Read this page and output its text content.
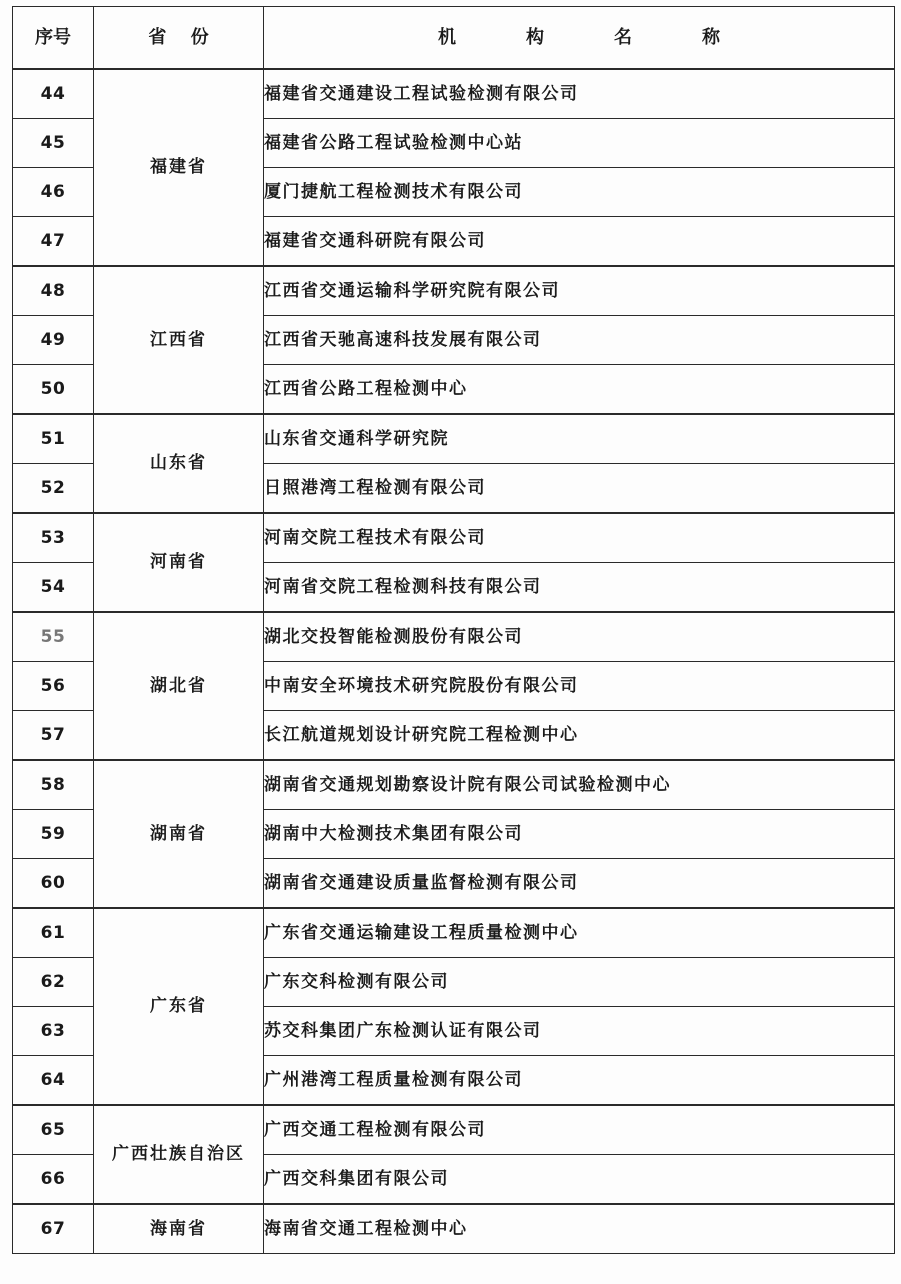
序号	省 份	机 构 名 称
44	福建省	福建省交通建设工程试验检测有限公司
45		福建省公路工程试验检测中心站
46		厦门捷航工程检测技术有限公司
47		福建省交通科研院有限公司
48	江西省	江西省交通运输科学研究院有限公司
49		江西省天驰高速科技发展有限公司
50		江西省公路工程检测中心
51	山东省	山东省交通科学研究院
52		日照港湾工程检测有限公司
53	河南省	河南交院工程技术有限公司
54		河南省交院工程检测科技有限公司
55	湖北省	湖北交投智能检测股份有限公司
56		中南安全环境技术研究院股份有限公司
57		长江航道规划设计研究院工程检测中心
58	湖南省	湖南省交通规划勘察设计院有限公司试验检测中心
59		湖南中大检测技术集团有限公司
60		湖南省交通建设质量监督检测有限公司
61	广东省	广东省交通运输建设工程质量检测中心
62		广东交科检测有限公司
63		苏交科集团广东检测认证有限公司
64		广州港湾工程质量检测有限公司
65	广西壮族自治区	广西交通工程检测有限公司
66		广西交科集团有限公司
67	海南省	海南省交通工程检测中心
